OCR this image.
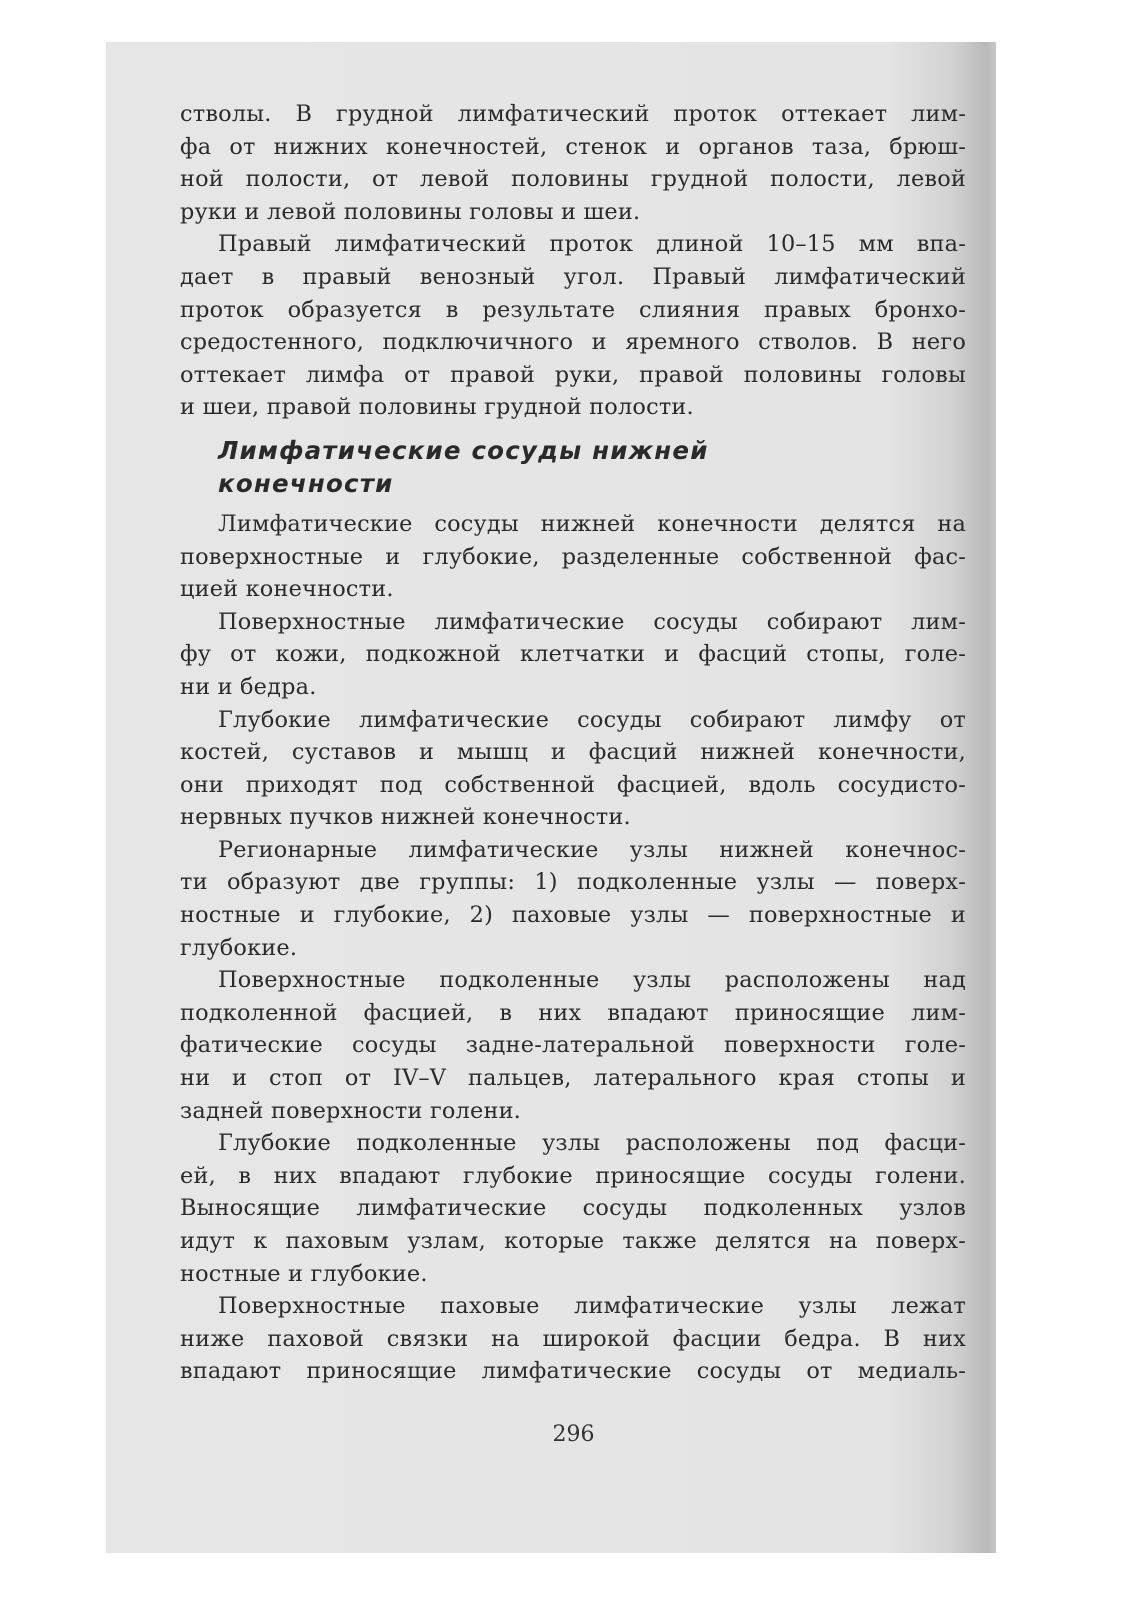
стволы. В грудной лимфатический проток оттекает лим-
фа от нижних конечностей, стенок и органов таза, брюш-
ной полости, от левой половины грудной полости, левой
руки и левой половины головы и шеи.

Правый лимфатический проток длиной 10–15 мм впа-
дает в правый венозный угол. Правый лимфатический
проток образуется в результате слияния правых бронхо-
средостенного, подключичного и яремного стволов. В него
оттекает лимфа от правой руки, правой половины головы
и шеи, правой половины грудной полости.

Лимфатические сосуды нижней
конечности

Лимфатические сосуды нижней конечности делятся на
поверхностные и глубокие, разделенные собственной фас-
цией конечности.

Поверхностные лимфатические сосуды собирают лим-
фу от кожи, подкожной клетчатки и фасций стопы, голе-
ни и бедра.

Глубокие лимфатические сосуды собирают лимфу от
костей, суставов и мышц и фасций нижней конечности,
они приходят под собственной фасцией, вдоль сосудисто-
нервных пучков нижней конечности.

Регионарные лимфатические узлы нижней конечнос-
ти образуют две группы: 1) подколенные узлы — поверх-
ностные и глубокие, 2) паховые узлы — поверхностные и
глубокие.

Поверхностные подколенные узлы расположены над
подколенной фасцией, в них впадают приносящие лим-
фатические сосуды задне-латеральной поверхности голе-
ни и стоп от IV–V пальцев, латерального края стопы и
задней поверхности голени.

Глубокие подколенные узлы расположены под фасци-
ей, в них впадают глубокие приносящие сосуды голени.
Выносящие лимфатические сосуды подколенных узлов
идут к паховым узлам, которые также делятся на поверх-
ностные и глубокие.

Поверхностные паховые лимфатические узлы лежат
ниже паховой связки на широкой фасции бедра. В них
впадают приносящие лимфатические сосуды от медиаль-

296
